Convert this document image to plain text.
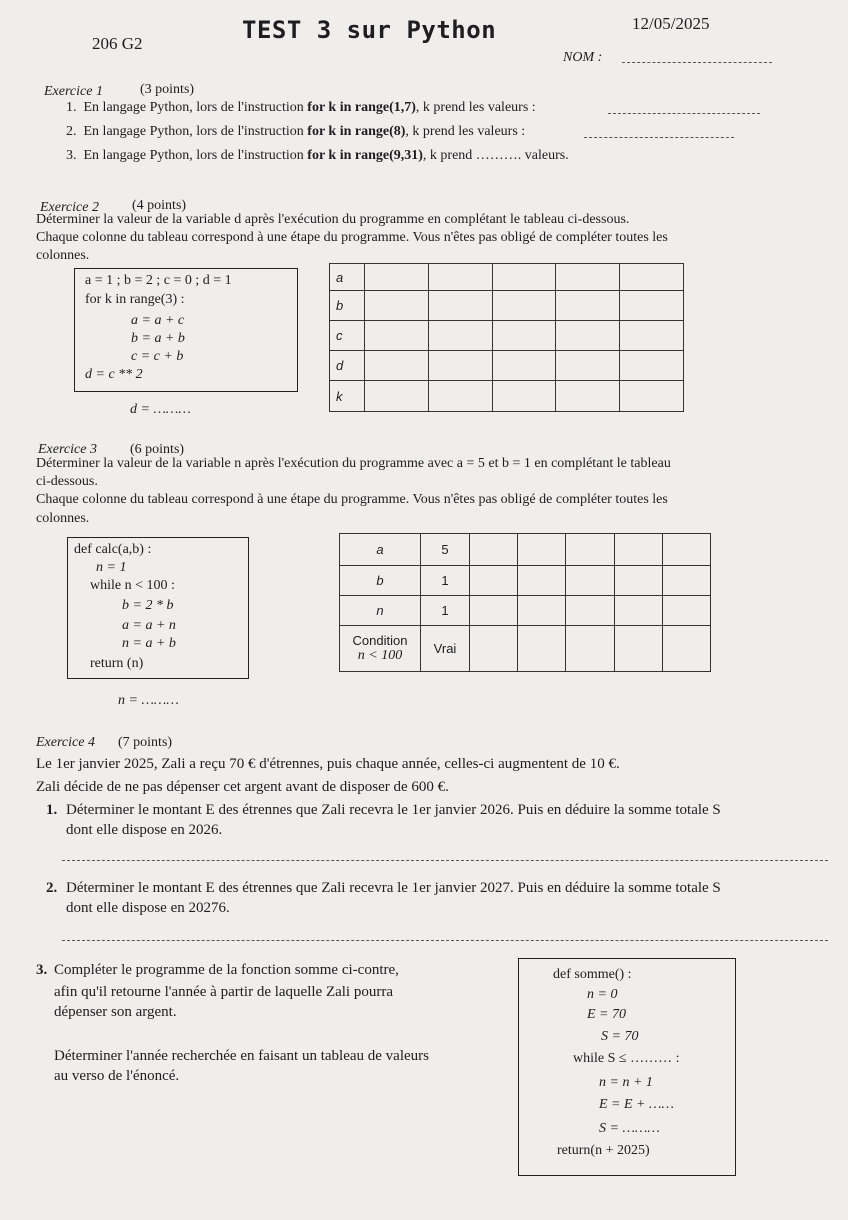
206 G2	TEST 3 sur Python	12/05/2025
NOM :
Exercice 1	(3 points)
1. En langage Python, lors de l'instruction for k in range(1,7), k prend les valeurs :
2. En langage Python, lors de l'instruction for k in range(8), k prend les valeurs :
3. En langage Python, lors de l'instruction for k in range(9,31), k prend ………. valeurs.
Exercice 2 (4 points)
Déterminer la valeur de la variable d après l'exécution du programme en complétant le tableau ci-dessous.
Chaque colonne du tableau correspond à une étape du programme. Vous n'êtes pas obligé de compléter toutes les
colonnes.
a = 1 ; b = 2 ; c = 0 ; d = 1
for k in range(3) :
a = a + c
b = a + b
c = c + b
d = c ** 2
d = ………
a					
b					
c					
d					
k					
Exercice 3 (6 points)
Déterminer la valeur de la variable n après l'exécution du programme avec a = 5 et b = 1 en complétant le tableau
ci-dessous.
Chaque colonne du tableau correspond à une étape du programme. Vous n'êtes pas obligé de compléter toutes les
colonnes.
def calc(a,b) :
n = 1
while n < 100 :
b = 2 * b
a = a + n
n = a + b
return (n)
n = ………
a	5					
b	1					
n	1					

Condition
n < 100	Vrai					
Exercice 4 (7 points)
Le 1er janvier 2025, Zali a reçu 70 € d'étrennes, puis chaque année, celles-ci augmentent de 10 €.
Zali décide de ne pas dépenser cet argent avant de disposer de 600 €.
1. Déterminer le montant E des étrennes que Zali recevra le 1er janvier 2026. Puis en déduire la somme totale S
dont elle dispose en 2026.
2. Déterminer le montant E des étrennes que Zali recevra le 1er janvier 2027. Puis en déduire la somme totale S
dont elle dispose en 20276.
3. Compléter le programme de la fonction somme ci-contre,
afin qu'il retourne l'année à partir de laquelle Zali pourra
dépenser son argent.
Déterminer l'année recherchée en faisant un tableau de valeurs
au verso de l'énoncé.
def somme() :
n = 0
E = 70
S = 70
while S ≤ ……… :
n = n + 1
E = E + ……
S = ………
return(n + 2025)
